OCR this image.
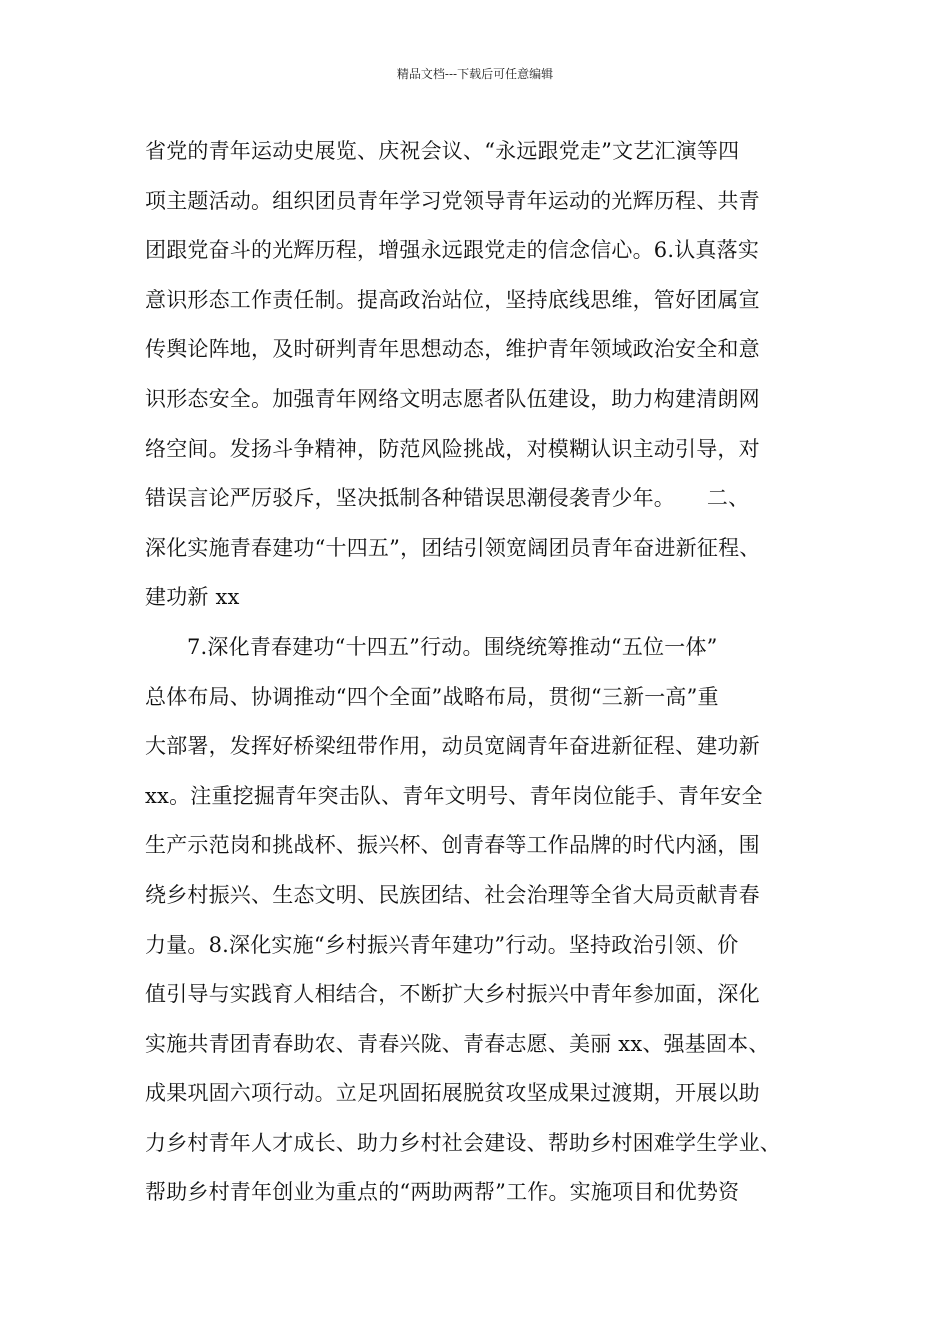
精品文档---下载后可任意编辑
省党的青年运动史展览、庆祝会议、“永远跟党走”文艺汇演等四
项主题活动。组织团员青年学习党领导青年运动的光辉历程、共青
团跟党奋斗的光辉历程，增强永远跟党走的信念信心。6.认真落实
意识形态工作责任制。提高政治站位，坚持底线思维，管好团属宣
传舆论阵地，及时研判青年思想动态，维护青年领域政治安全和意
识形态安全。加强青年网络文明志愿者队伍建设，助力构建清朗网
络空间。发扬斗争精神，防范风险挑战，对模糊认识主动引导，对
错误言论严厉驳斥，坚决抵制各种错误思潮侵袭青少年。　　二、
深化实施青春建功“十四五”，团结引领宽阔团员青年奋进新征程、
建功新 xx
7.深化青春建功“十四五”行动。围绕统筹推动“五位一体”
总体布局、协调推动“四个全面”战略布局，贯彻“三新一高”重
大部署，发挥好桥梁纽带作用，动员宽阔青年奋进新征程、建功新
xx。注重挖掘青年突击队、青年文明号、青年岗位能手、青年安全
生产示范岗和挑战杯、振兴杯、创青春等工作品牌的时代内涵，围
绕乡村振兴、生态文明、民族团结、社会治理等全省大局贡献青春
力量。8.深化实施“乡村振兴青年建功”行动。坚持政治引领、价
值引导与实践育人相结合，不断扩大乡村振兴中青年参加面，深化
实施共青团青春助农、青春兴陇、青春志愿、美丽 xx、强基固本、
成果巩固六项行动。立足巩固拓展脱贫攻坚成果过渡期，开展以助
力乡村青年人才成长、助力乡村社会建设、帮助乡村困难学生学业、
帮助乡村青年创业为重点的“两助两帮”工作。实施项目和优势资
